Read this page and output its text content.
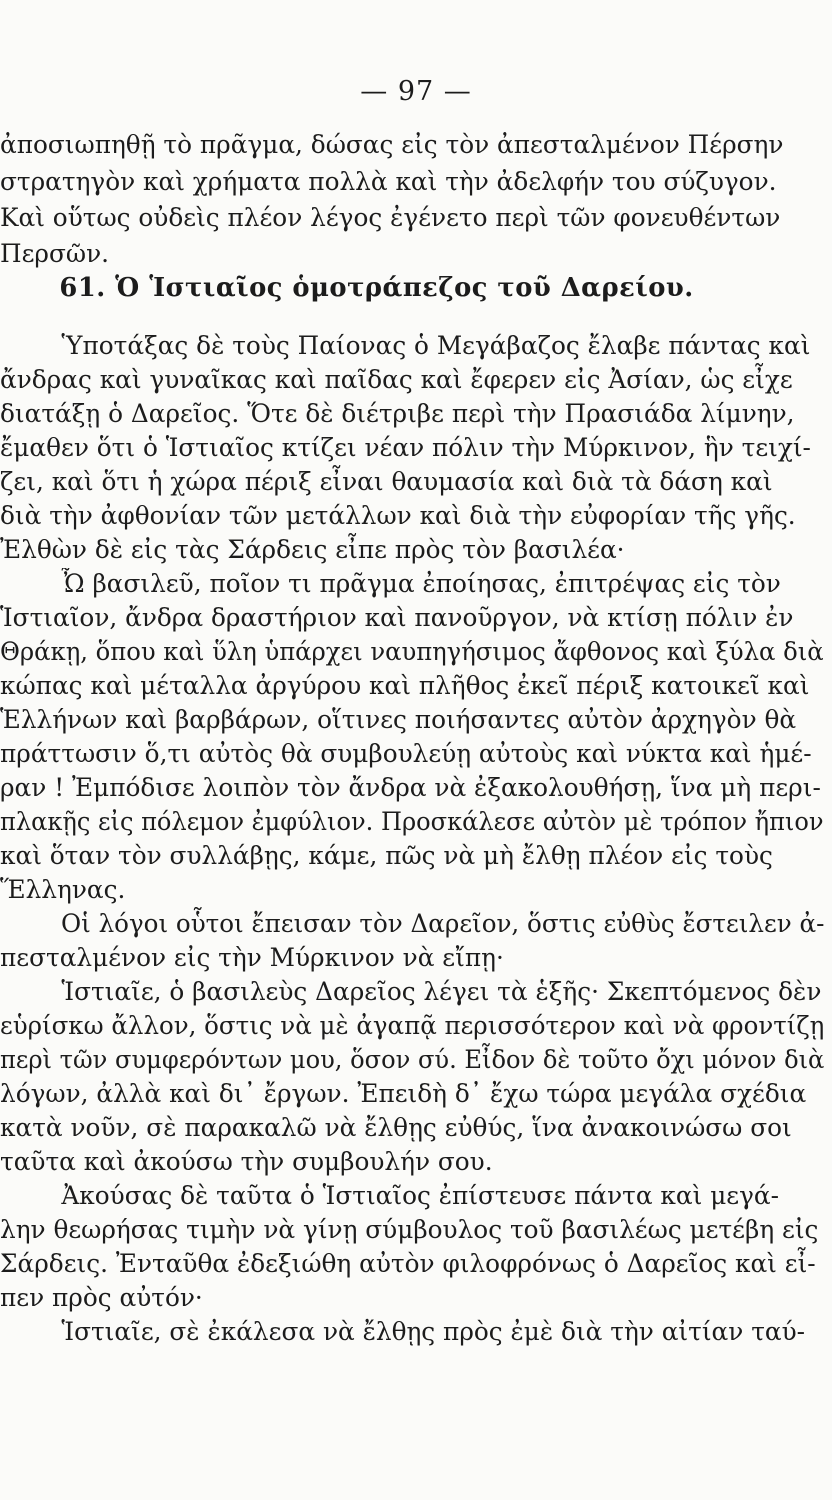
— 97 —
ἀποσιωπηθῇ τὸ πρᾶγμα, δώσας εἰς τὸν ἀπεσταλμένον Πέρσην
στρατηγὸν καὶ χρήματα πολλὰ καὶ τὴν ἀδελφήν του σύζυγον.
Καὶ οὕτως οὐδεὶς πλέον λέγος ἐγένετο περὶ τῶν φονευθέντων
Περσῶν.
61. Ὁ Ἱστιαῖος ὁμοτράπεζος τοῦ Δαρείου.
Ὑποτάξας δὲ τοὺς Παίονας ὁ Μεγάβαζος ἔλαβε πάντας καὶ
ἄνδρας καὶ γυναῖκας καὶ παῖδας καὶ ἔφερεν εἰς Ἀσίαν, ὡς εἶχε
διατάξῃ ὁ Δαρεῖος. Ὅτε δὲ διέτριβε περὶ τὴν Πρασιάδα λίμνην,
ἔμαθεν ὅτι ὁ Ἱστιαῖος κτίζει νέαν πόλιν τὴν Μύρκινον, ἣν τειχί-
ζει, καὶ ὅτι ἡ χώρα πέριξ εἶναι θαυμασία καὶ διὰ τὰ δάση καὶ
διὰ τὴν ἀφθονίαν τῶν μετάλλων καὶ διὰ τὴν εὐφορίαν τῆς γῆς.
Ἐλθὼν δὲ εἰς τὰς Σάρδεις εἶπε πρὸς τὸν βασιλέα·
Ὦ βασιλεῦ, ποῖον τι πρᾶγμα ἐποίησας, ἐπιτρέψας εἰς τὸν
Ἱστιαῖον, ἄνδρα δραστήριον καὶ πανοῦργον, νὰ κτίσῃ πόλιν ἐν
Θράκῃ, ὅπου καὶ ὕλη ὑπάρχει ναυπηγήσιμος ἄφθονος καὶ ξύλα διὰ
κώπας καὶ μέταλλα ἀργύρου καὶ πλῆθος ἐκεῖ πέριξ κατοικεῖ καὶ
Ἑλλήνων καὶ βαρβάρων, οἵτινες ποιήσαντες αὐτὸν ἀρχηγὸν θὰ
πράττωσιν ὅ,τι αὐτὸς θὰ συμβουλεύῃ αὐτοὺς καὶ νύκτα καὶ ἡμέ-
ραν ! Ἐμπόδισε λοιπὸν τὸν ἄνδρα νὰ ἐξακολουθήσῃ, ἵνα μὴ περι-
πλακῇς εἰς πόλεμον ἐμφύλιον. Προσκάλεσε αὐτὸν μὲ τρόπον ἤπιον
καὶ ὅταν τὸν συλλάβῃς, κάμε, πῶς νὰ μὴ ἔλθῃ πλέον εἰς τοὺς
Ἕλληνας.
Οἱ λόγοι οὗτοι ἔπεισαν τὸν Δαρεῖον, ὅστις εὐθὺς ἔστειλεν ἀ-
πεσταλμένον εἰς τὴν Μύρκινον νὰ εἴπῃ·
Ἱστιαῖε, ὁ βασιλεὺς Δαρεῖος λέγει τὰ ἑξῆς· Σκεπτόμενος δὲν
εὑρίσκω ἄλλον, ὅστις νὰ μὲ ἀγαπᾷ περισσότερον καὶ νὰ φροντίζῃ
περὶ τῶν συμφερόντων μου, ὅσον σύ. Εἶδον δὲ τοῦτο ὄχι μόνον διὰ
λόγων, ἀλλὰ καὶ δι᾽ ἔργων. Ἐπειδὴ δ᾽ ἔχω τώρα μεγάλα σχέδια
κατὰ νοῦν, σὲ παρακαλῶ νὰ ἔλθῃς εὐθύς, ἵνα ἀνακοινώσω σοι
ταῦτα καὶ ἀκούσω τὴν συμβουλήν σου.
Ἀκούσας δὲ ταῦτα ὁ Ἱστιαῖος ἐπίστευσε πάντα καὶ μεγά-
λην θεωρήσας τιμὴν νὰ γίνῃ σύμβουλος τοῦ βασιλέως μετέβη εἰς
Σάρδεις. Ἐνταῦθα ἐδεξιώθη αὐτὸν φιλοφρόνως ὁ Δαρεῖος καὶ εἶ-
πεν πρὸς αὐτόν·
Ἱστιαῖε, σὲ ἐκάλεσα νὰ ἔλθῃς πρὸς ἐμὲ διὰ τὴν αἰτίαν ταύ-
